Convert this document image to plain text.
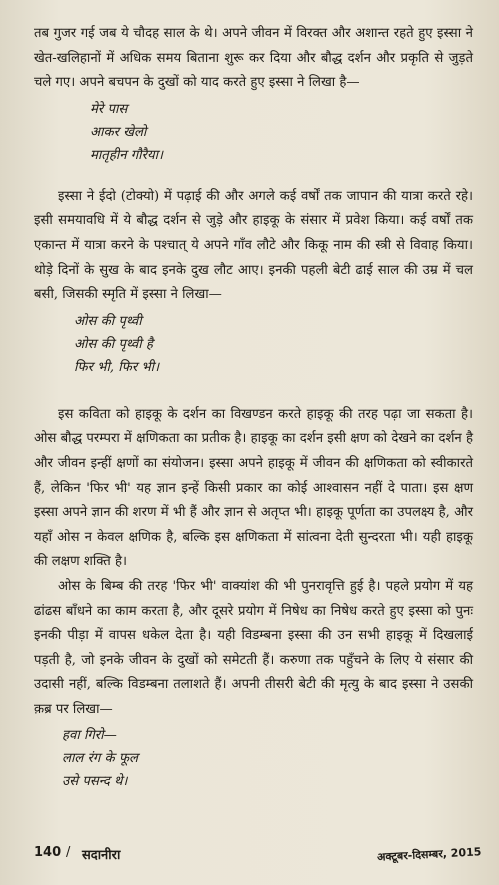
तब गुजर गई जब ये चौदह साल के थे। अपने जीवन में विरक्त और अशान्त रहते हुए इस्सा ने खेत-खलिहानों में अधिक समय बिताना शुरू कर दिया और बौद्ध दर्शन और प्रकृति से जुड़ते चले गए। अपने बचपन के दुखों को याद करते हुए इस्सा ने लिखा है—

मेरे पास
आकर खेलो
मातृहीन गौरैया।

इस्सा ने ईदो (टोक्यो) में पढ़ाई की और अगले कई वर्षों तक जापान की यात्रा करते रहे। इसी समयावधि में ये बौद्ध दर्शन से जुड़े और हाइकू के संसार में प्रवेश किया। कई वर्षों तक एकान्त में यात्रा करने के पश्चात् ये अपने गाँव लौटे और किकू नाम की स्त्री से विवाह किया। थोड़े दिनों के सुख के बाद इनके दुख लौट आए। इनकी पहली बेटी ढाई साल की उम्र में चल बसी, जिसकी स्मृति में इस्सा ने लिखा—

ओस की पृथ्वी
ओस की पृथ्वी है
फिर भी, फिर भी।

इस कविता को हाइकू के दर्शन का विखण्डन करते हाइकू की तरह पढ़ा जा सकता है। ओस बौद्ध परम्परा में क्षणिकता का प्रतीक है। हाइकू का दर्शन इसी क्षण को देखने का दर्शन है और जीवन इन्हीं क्षणों का संयोजन। इस्सा अपने हाइकू में जीवन की क्षणिकता को स्वीकारते हैं, लेकिन 'फिर भी' यह ज्ञान इन्हें किसी प्रकार का कोई आश्वासन नहीं दे पाता। इस क्षण इस्सा अपने ज्ञान की शरण में भी हैं और ज्ञान से अतृप्त भी। हाइकू पूर्णता का उपलक्ष्य है, और यहाँ ओस न केवल क्षणिक है, बल्कि इस क्षणिकता में सांत्वना देती सुन्दरता भी। यही हाइकू की लक्षण शक्ति है।

ओस के बिम्ब की तरह 'फिर भी' वाक्यांश की भी पुनरावृत्ति हुई है। पहले प्रयोग में यह ढांढस बाँधने का काम करता है, और दूसरे प्रयोग में निषेध का निषेध करते हुए इस्सा को पुनः इनकी पीड़ा में वापस धकेल देता है। यही विडम्बना इस्सा की उन सभी हाइकू में दिखलाई पड़ती है, जो इनके जीवन के दुखों को समेटती हैं। करुणा तक पहुँचने के लिए ये संसार की उदासी नहीं, बल्कि विडम्बना तलाशते हैं। अपनी तीसरी बेटी की मृत्यु के बाद इस्सा ने उसकी क़ब्र पर लिखा—

हवा गिरो—
लाल रंग के फूल
उसे पसन्द थे।
140 / सदानीरा	अक्टूबर-दिसम्बर, 2015
